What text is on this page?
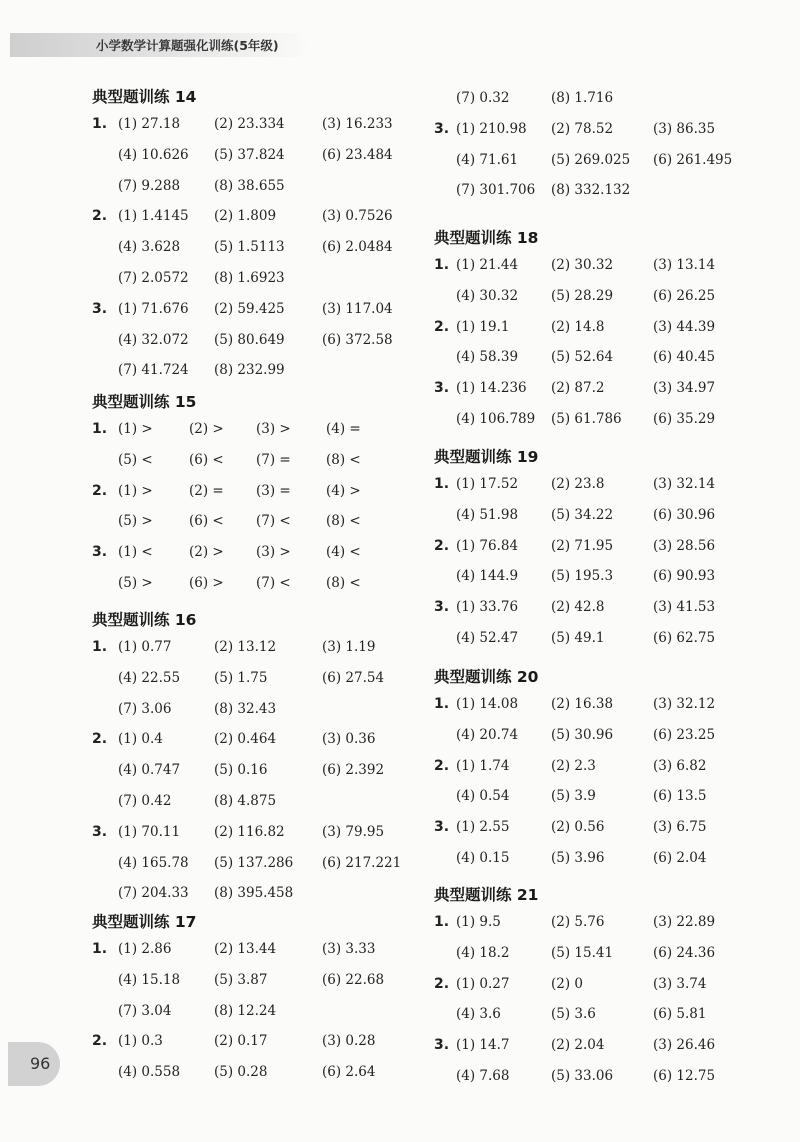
小学数学计算题强化训练(5年级)
典型题训练 14
1. (1) 27.18	(2) 23.334	(3) 16.233
(4) 10.626 (5) 37.824	(6) 23.484
(7) 9.288	(8) 38.655
2. (1) 1.4145 (2) 1.809	(3) 0.7526
(4) 3.628	(5) 1.5113	(6) 2.0484
(7) 2.0572 (8) 1.6923
3. (1) 71.676 (2) 59.425	(3) 117.04
(4) 32.072 (5) 80.649	(6) 372.58
(7) 41.724 (8) 232.99
典型题训练 15
1. (1) >	(2) > (3) >	(4) =
(5) <	(6) < (7) =	(8) <
2. (1) >	(2) = (3) =	(4) >
(5) >	(6) < (7) <	(8) <
3. (1) <	(2) > (3) >	(4) <
(5) >	(6) > (7) <	(8) <
典型题训练 16
1. (1) 0.77	(2) 13.12	(3) 1.19
(4) 22.55	(5) 1.75	(6) 27.54
(7) 3.06	(8) 32.43
2. (1) 0.4	(2) 0.464	(3) 0.36
(4) 0.747	(5) 0.16	(6) 2.392
(7) 0.42	(8) 4.875
3. (1) 70.11	(2) 116.82	(3) 79.95
(4) 165.78 (5) 137.286 (6) 217.221
(7) 204.33 (8) 395.458
典型题训练 17
1. (1) 2.86	(2) 13.44	(3) 3.33
(4) 15.18	(5) 3.87	(6) 22.68
(7) 3.04	(8) 12.24
2. (1) 0.3	(2) 0.17	(3) 0.28
(4) 0.558	(5) 0.28	(6) 2.64
(7) 0.32	(8) 1.716
3. (1) 210.98 (2) 78.52	(3) 86.35
(4) 71.61 (5) 269.025 (6) 261.495
(7) 301.706 (8) 332.132
典型题训练 18
1. (1) 21.44 (2) 30.32	(3) 13.14
(4) 30.32 (5) 28.29	(6) 26.25
2. (1) 19.1	(2) 14.8	(3) 44.39
(4) 58.39 (5) 52.64	(6) 40.45
3. (1) 14.236 (2) 87.2	(3) 34.97
(4) 106.789 (5) 61.786 (6) 35.29
典型题训练 19
1. (1) 17.52 (2) 23.8	(3) 32.14
(4) 51.98 (5) 34.22	(6) 30.96
2. (1) 76.84 (2) 71.95	(3) 28.56
(4) 144.9 (5) 195.3	(6) 90.93
3. (1) 33.76 (2) 42.8	(3) 41.53
(4) 52.47 (5) 49.1	(6) 62.75
典型题训练 20
1. (1) 14.08 (2) 16.38	(3) 32.12
(4) 20.74 (5) 30.96	(6) 23.25
2. (1) 1.74	(2) 2.3	(3) 6.82
(4) 0.54	(5) 3.9	(6) 13.5
3. (1) 2.55	(2) 0.56	(3) 6.75
(4) 0.15	(5) 3.96	(6) 2.04
典型题训练 21
1. (1) 9.5	(2) 5.76	(3) 22.89
(4) 18.2	(5) 15.41	(6) 24.36
2. (1) 0.27	(2) 0	(3) 3.74
(4) 3.6	(5) 3.6	(6) 5.81
3. (1) 14.7	(2) 2.04	(3) 26.46
(4) 7.68	(5) 33.06	(6) 12.75
96
